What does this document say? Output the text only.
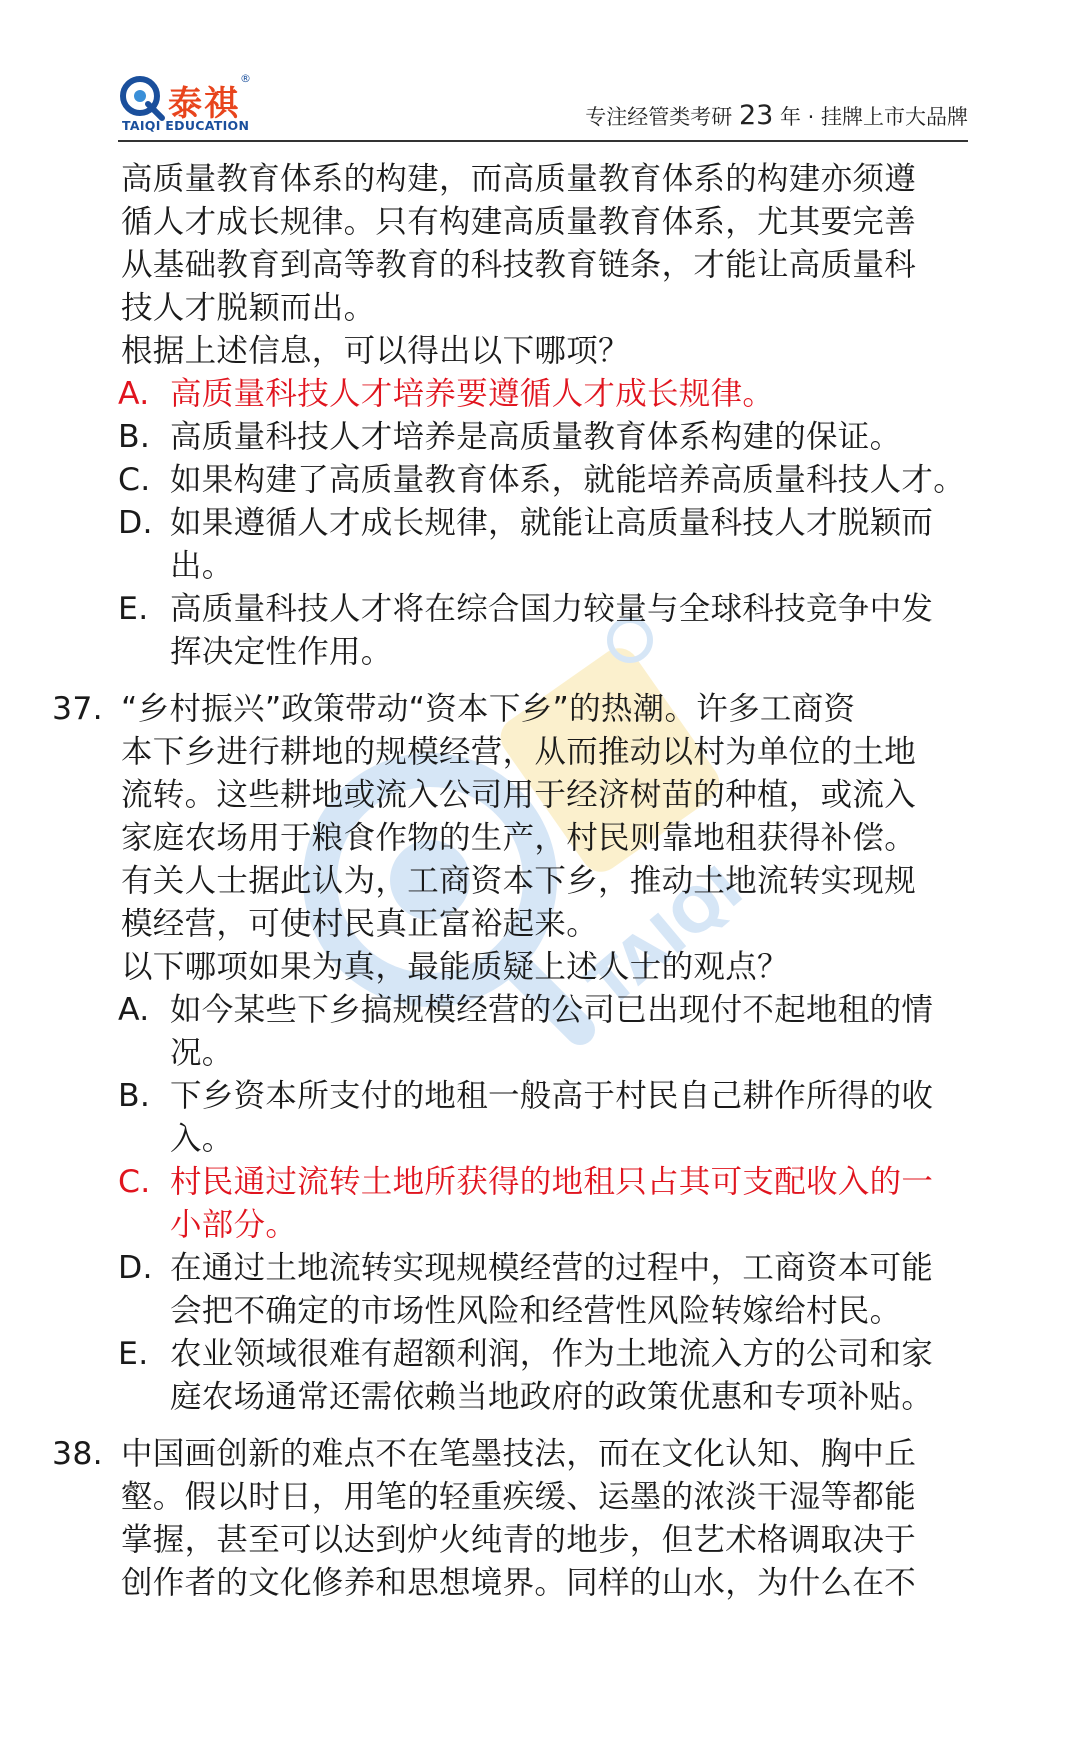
泰祺
®
TAIQI EDUCATION	专注经管类考研 23 年 · 挂牌上市大品牌
TAIQI
高质量教育体系的构建，而高质量教育体系的构建亦须遵
循人才成长规律。只有构建高质量教育体系，尤其要完善
从基础教育到高等教育的科技教育链条，才能让高质量科
技人才脱颖而出。
根据上述信息，可以得出以下哪项？
A. 高质量科技人才培养要遵循人才成长规律。
B. 高质量科技人才培养是高质量教育体系构建的保证。
C. 如果构建了高质量教育体系，就能培养高质量科技人才。
D. 如果遵循人才成长规律，就能让高质量科技人才脱颖而
出。
E. 高质量科技人才将在综合国力较量与全球科技竞争中发
挥决定性作用。
37. “乡村振兴”政策带动“资本下乡”的热潮。许多工商资
本下乡进行耕地的规模经营，从而推动以村为单位的土地
流转。这些耕地或流入公司用于经济树苗的种植，或流入
家庭农场用于粮食作物的生产，村民则靠地租获得补偿。
有关人士据此认为，工商资本下乡，推动土地流转实现规
模经营，可使村民真正富裕起来。
以下哪项如果为真，最能质疑上述人士的观点？
A. 如今某些下乡搞规模经营的公司已出现付不起地租的情
况。
B. 下乡资本所支付的地租一般高于村民自己耕作所得的收
入。
C. 村民通过流转土地所获得的地租只占其可支配收入的一
小部分。
D. 在通过土地流转实现规模经营的过程中，工商资本可能
会把不确定的市场性风险和经营性风险转嫁给村民。
E. 农业领域很难有超额利润，作为土地流入方的公司和家
庭农场通常还需依赖当地政府的政策优惠和专项补贴。
38. 中国画创新的难点不在笔墨技法，而在文化认知、胸中丘
壑。假以时日，用笔的轻重疾缓、运墨的浓淡干湿等都能
掌握，甚至可以达到炉火纯青的地步，但艺术格调取决于
创作者的文化修养和思想境界。同样的山水，为什么在不
